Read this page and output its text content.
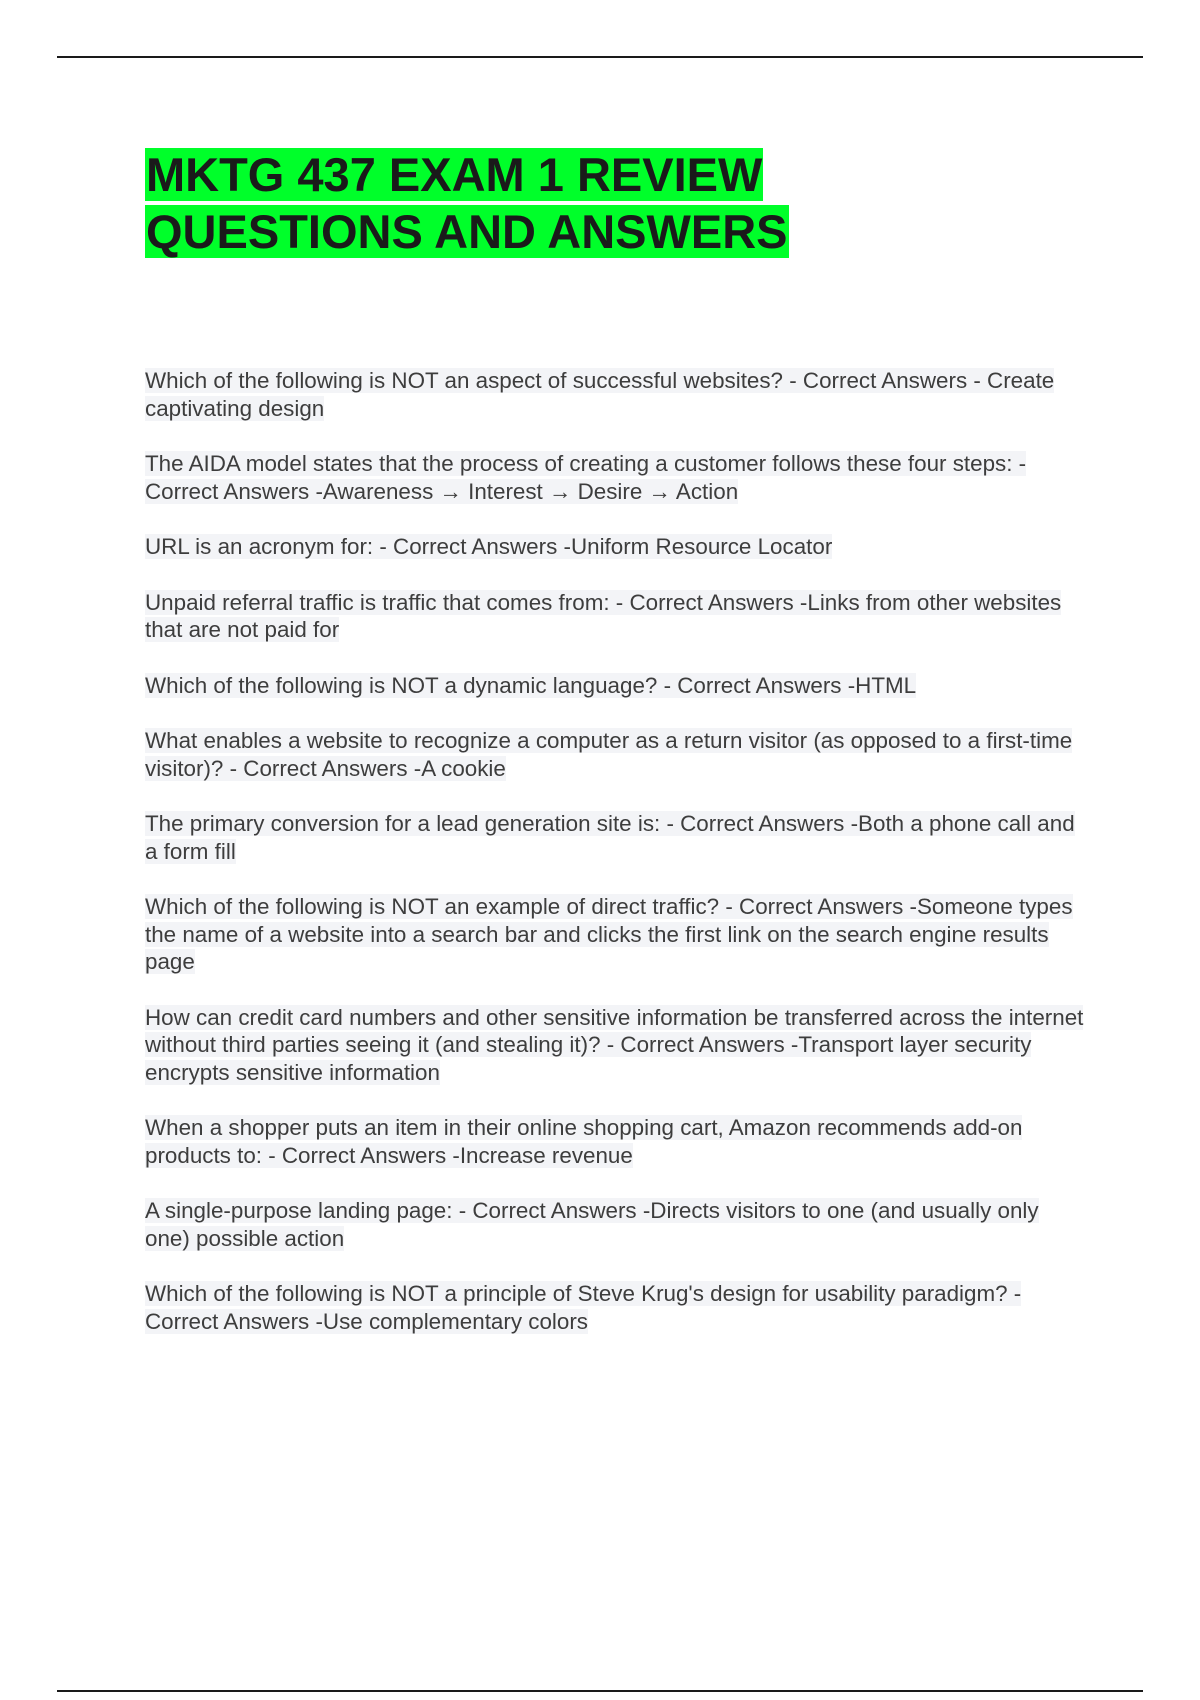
MKTG 437 EXAM 1 REVIEW
QUESTIONS AND ANSWERS

Which of the following is NOT an aspect of successful websites? - Correct Answers - Create captivating design

The AIDA model states that the process of creating a customer follows these four steps: - Correct Answers -Awareness → Interest → Desire → Action

URL is an acronym for: - Correct Answers -Uniform Resource Locator

Unpaid referral traffic is traffic that comes from: - Correct Answers -Links from other websites that are not paid for

Which of the following is NOT a dynamic language? - Correct Answers -HTML

What enables a website to recognize a computer as a return visitor (as opposed to a first-time visitor)? - Correct Answers -A cookie

The primary conversion for a lead generation site is: - Correct Answers -Both a phone call and a form fill

Which of the following is NOT an example of direct traffic? - Correct Answers -Someone types the name of a website into a search bar and clicks the first link on the search engine results page

How can credit card numbers and other sensitive information be transferred across the internet without third parties seeing it (and stealing it)? - Correct Answers -Transport layer security encrypts sensitive information

When a shopper puts an item in their online shopping cart, Amazon recommends add-on products to: - Correct Answers -Increase revenue

A single-purpose landing page: - Correct Answers -Directs visitors to one (and usually only one) possible action

Which of the following is NOT a principle of Steve Krug's design for usability paradigm? - Correct Answers -Use complementary colors
